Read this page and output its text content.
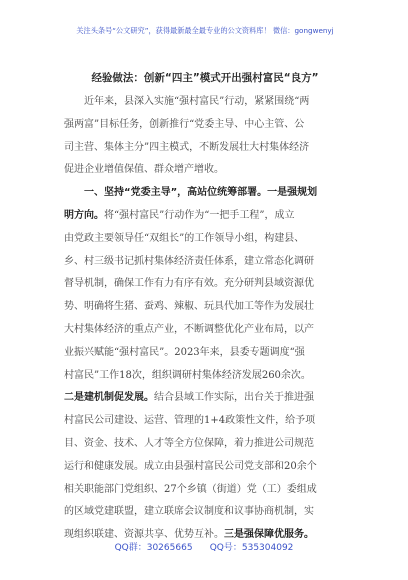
关注头条号“公文研究”，获得最新最全最专业的公文资料库！ 微信：gongwenyj
经验做法：创新“四主”模式开出强村富民“良方”
近年来，县深入实施“强村富民”行动，紧紧围绕“两
强两富”目标任务，创新推行“党委主导、中心主管、公
司主营、集体主分”四主模式，不断发展壮大村集体经济
促进企业增值保值、群众增产增收。
一、坚持“党委主导”，高站位统筹部署。一是强规划
明方向。将“强村富民”行动作为“一把手工程”，成立
由党政主要领导任“双组长”的工作领导小组，构建县、
乡、村三级书记抓村集体经济责任体系，建立常态化调研
督导机制，确保工作有力有序有效。充分研判县域资源优
势、明确将生猪、蚕鸡、辣椒、玩具代加工等作为发展壮
大村集体经济的重点产业，不断调整优化产业布局，以产
业振兴赋能“强村富民”。2023年来，县委专题调度“强
村富民”工作18次，组织调研村集体经济发展260余次。
二是建机制促发展。结合县域工作实际，出台关于推进强
村富民公司建设、运营、管理的1+4政策性文件，给予项
目、资金、技术、人才等全方位保障，着力推进公司规范
运行和健康发展。成立由县强村富民公司党支部和20余个
相关职能部门党组织、27个乡镇（街道）党（工）委组成
的区域党建联盟，建立联席会议制度和议事协商机制，实
现组织联建、资源共享、优势互补。三是强保障优服务。
QQ群：30265665      QQ号：535304092
